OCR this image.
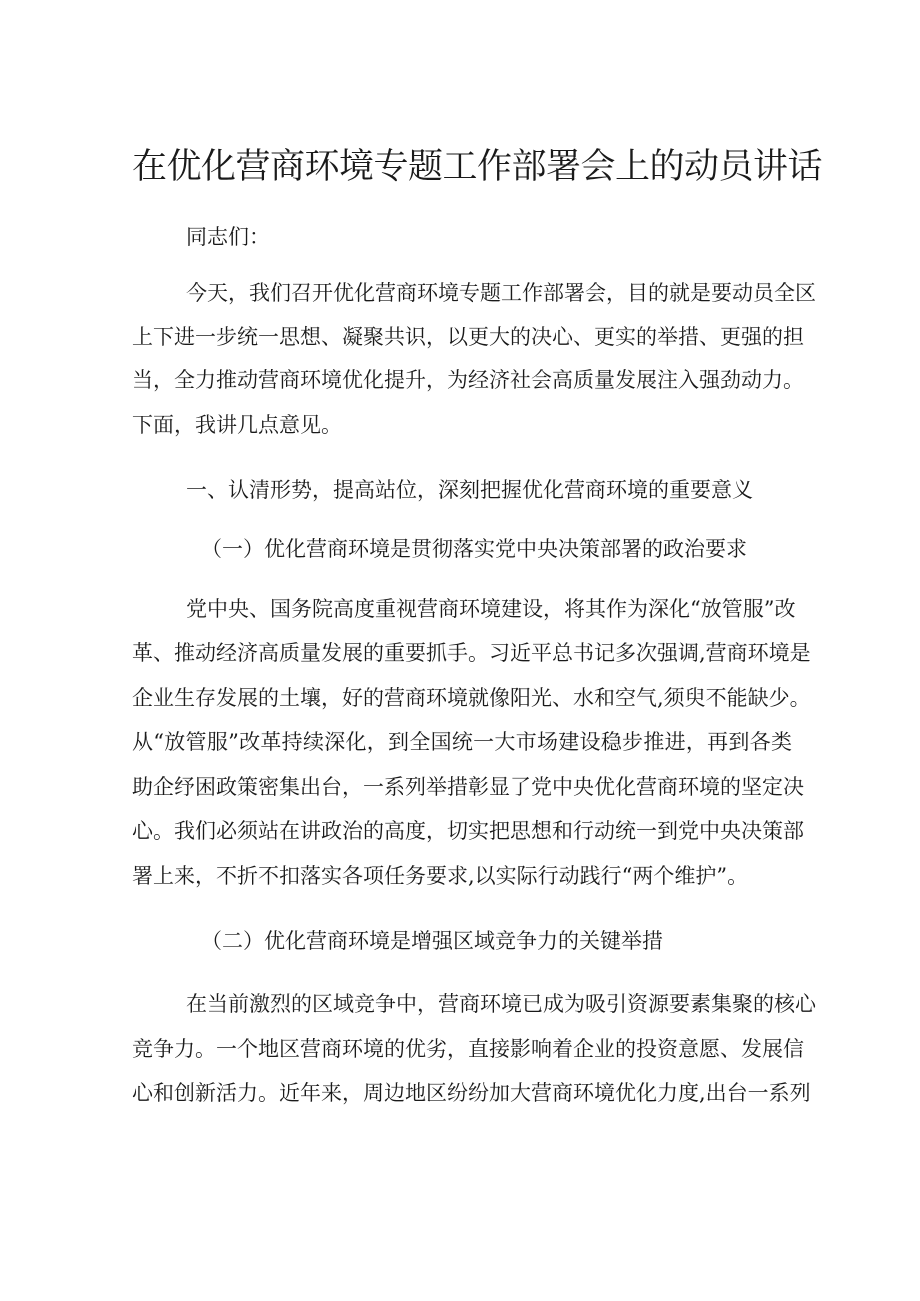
在优化营商环境专题工作部署会上的动员讲话

同志们：

今天，我们召开优化营商环境专题工作部署会，目的就是要动员全区

上下进一步统一思想、凝聚共识，以更大的决心、更实的举措、更强的担

当，全力推动营商环境优化提升，为经济社会高质量发展注入强劲动力。

下面，我讲几点意见。

一、认清形势，提高站位，深刻把握优化营商环境的重要意义

（一）优化营商环境是贯彻落实党中央决策部署的政治要求

党中央、国务院高度重视营商环境建设，将其作为深化“放管服”改

革、推动经济高质量发展的重要抓手。习近平总书记多次强调,营商环境是

企业生存发展的土壤，好的营商环境就像阳光、水和空气,须臾不能缺少。

从“放管服”改革持续深化，到全国统一大市场建设稳步推进，再到各类

助企纾困政策密集出台，一系列举措彰显了党中央优化营商环境的坚定决

心。我们必须站在讲政治的高度，切实把思想和行动统一到党中央决策部

署上来，不折不扣落实各项任务要求,以实际行动践行“两个维护”。

（二）优化营商环境是增强区域竞争力的关键举措

在当前激烈的区域竞争中，营商环境已成为吸引资源要素集聚的核心

竞争力。一个地区营商环境的优劣，直接影响着企业的投资意愿、发展信

心和创新活力。近年来，周边地区纷纷加大营商环境优化力度,出台一系列
